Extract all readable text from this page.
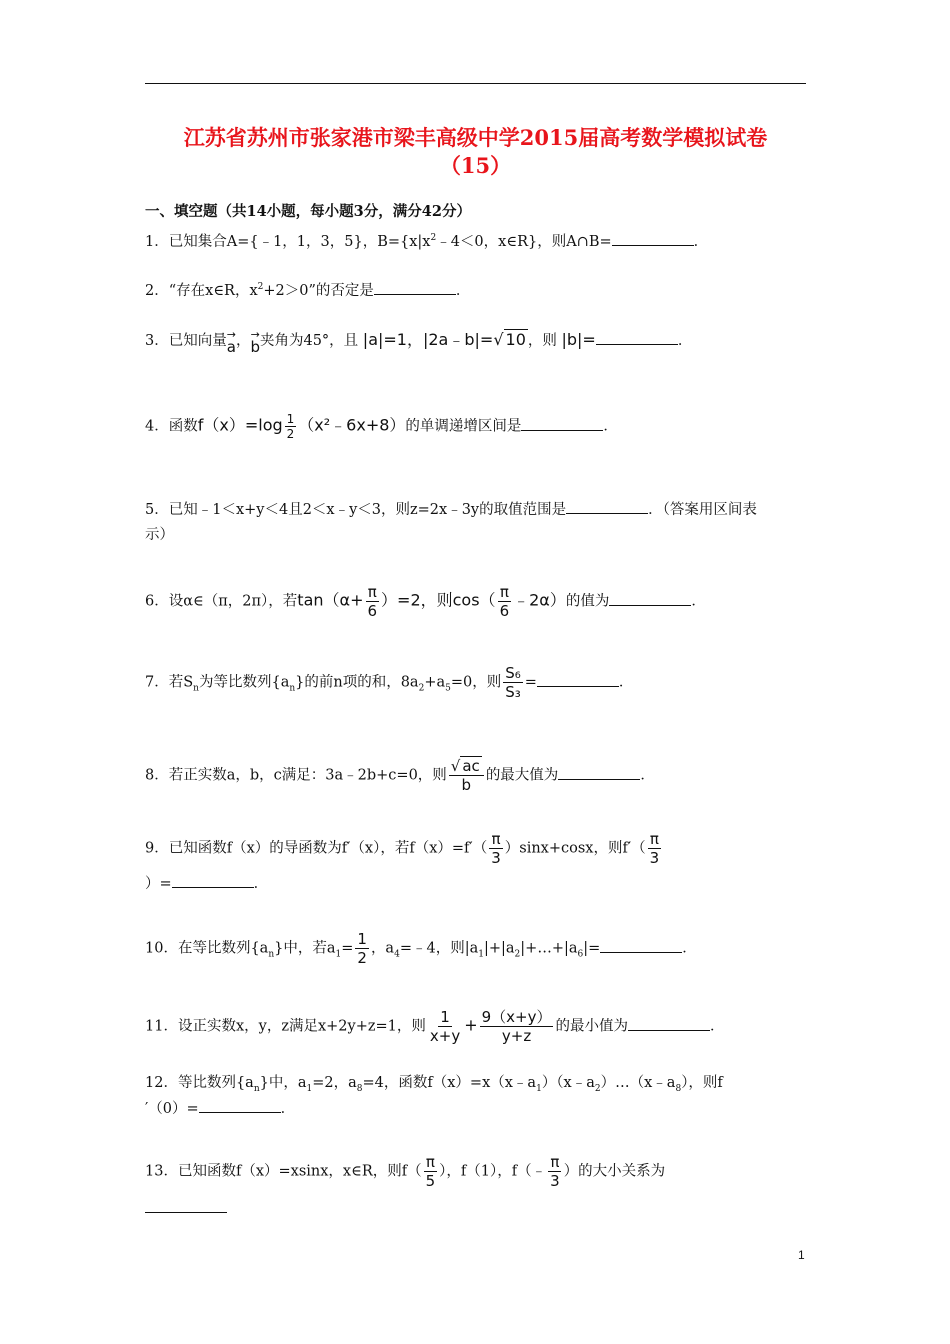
江苏省苏州市张家港市梁丰高级中学2015届高考数学模拟试卷
（15）
一、填空题（共14小题，每小题3分，满分42分）
1．已知集合A={﹣1，1，3，5}，$B=\{x|x^2﹣4<0$，x∈R}，则A∩B=	．
2．“存在x∈R，$x^2+2>0$”的否定是	．
3．已知向量 →
a ， →
b 夹角为45°，且 |a|=1，|2a﹣b|=√ 10 ，则 |b|=	．
4．函数$f(x)=\log \frac{1}{2}$ （x²﹣6x+8）的单调递增区间是	．
5．已知﹣1＜x+y＜4且2＜x﹣y＜3，则z=2x﹣3y的取值范围是	．（答案用区间表
示）
6．设α∈（π，2π），若$\tan(\alpha+ \frac{\pi}{6} )=2$，则$\cos( \frac{\pi}{6}$ ﹣2α）的值为	．
7．若$S_n$为等比数列$\{a_n\}$的前n项的和，$8a_2+a_5=0$，则 $\frac{\text{S₆}}{\text{S₃}}$ =	．
8．若正实数a，b，c满足：3a﹣2b+c=0，则 $\frac{√ ac}{b}$ 的最大值为	．
9．已知函数f（x）的导函数为f′（x），若$f(x)=f'( \frac{\pi}{3} )\sin x+\cos x$，则$f'( \frac{\pi}{3}$
）=	．
10．在等比数列$\{a_n\}$中，若$a_1= \frac{1}{2}$ ，$a_4=﹣4$，则$|a_1|+|a_2|+\dots+|a_6|=$	．
11．设正实数x，y，z满足x+2y+z=1，则 $\frac{1}{x+y} + \frac{9(x+y)}{y+z}$ 的最小值为	．
12．等比数列$\{a_n\}$中，$a_1=2$，$a_8=4$，函数$f(x)=x(x﹣a_1)(x﹣a_2)\dots(x﹣a_8)$，则f
′（0）=	．
13．已知函数f（x）=xsinx，x∈R，则$f( \frac{\pi}{5}$ ），f（1），f（﹣ $\frac{\pi}{3}$ ）的大小关系为
1
